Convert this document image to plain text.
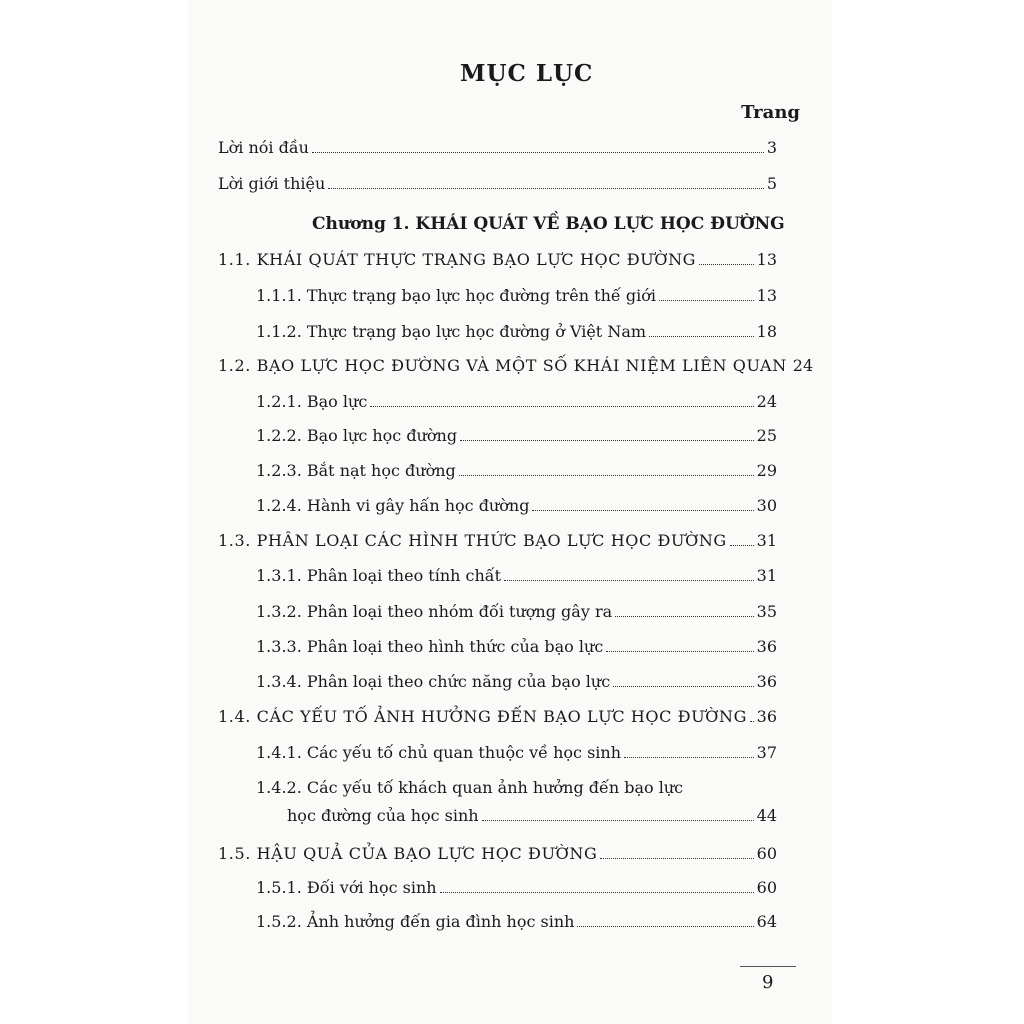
MỤC LỤC
Trang
Lời nói đầu	3
Lời giới thiệu	5
Chương 1. KHÁI QUÁT VỀ BẠO LỰC HỌC ĐƯỜNG
1.1. KHÁI QUÁT THỰC TRẠNG BẠO LỰC HỌC ĐƯỜNG	13
1.1.1. Thực trạng bạo lực học đường trên thế giới	13
1.1.2. Thực trạng bạo lực học đường ở Việt Nam	18
1.2. BẠO LỰC HỌC ĐƯỜNG VÀ MỘT SỐ KHÁI NIỆM LIÊN QUAN 24
1.2.1. Bạo lực	24
1.2.2. Bạo lực học đường	25
1.2.3. Bắt nạt học đường	29
1.2.4. Hành vi gây hấn học đường	30
1.3. PHÂN LOẠI CÁC HÌNH THỨC BẠO LỰC HỌC ĐƯỜNG 31
1.3.1. Phân loại theo tính chất	31
1.3.2. Phân loại theo nhóm đối tượng gây ra	35
1.3.3. Phân loại theo hình thức của bạo lực	36
1.3.4. Phân loại theo chức năng của bạo lực	36
1.4. CÁC YẾU TỐ ẢNH HƯỞNG ĐẾN BẠO LỰC HỌC ĐƯỜNG 36
1.4.1. Các yếu tố chủ quan thuộc về học sinh	37
1.4.2. Các yếu tố khách quan ảnh hưởng đến bạo lực
học đường của học sinh	44
1.5. HẬU QUẢ CỦA BẠO LỰC HỌC ĐƯỜNG	60
1.5.1. Đối với học sinh	60
1.5.2. Ảnh hưởng đến gia đình học sinh	64
9
